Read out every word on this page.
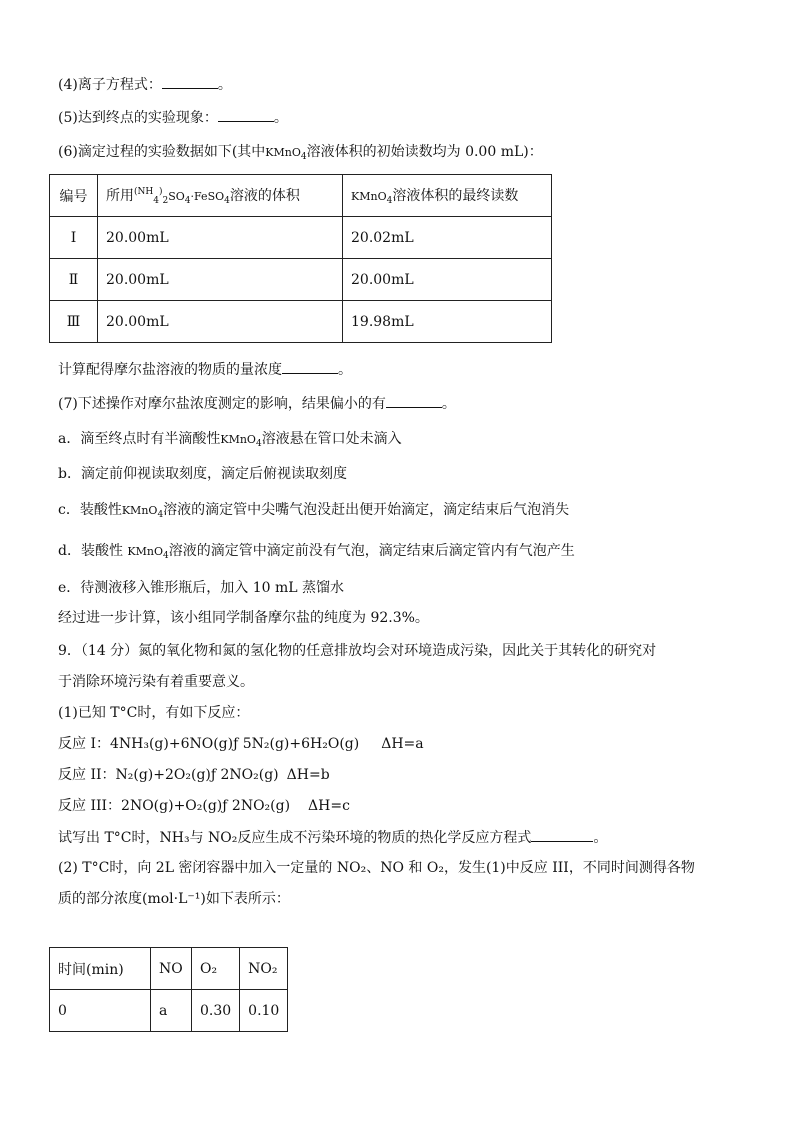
(4)离子方程式：	。
(5)达到终点的实验现象：	。
(6)滴定过程的实验数据如下(其中KMnO$_4$溶液体积的初始读数均为 0.00 mL)：
编号	所用$^{(NH}_4^)_2SO_4\cdot FeSO_4$溶液的体积	KMnO$_4$溶液体积的最终读数
Ⅰ	20.00mL	20.02mL
Ⅱ	20.00mL	20.00mL
Ⅲ	20.00mL	19.98mL
计算配得摩尔盐溶液的物质的量浓度	。
(7)下述操作对摩尔盐浓度测定的影响，结果偏小的有	。
a．滴至终点时有半滴酸性KMnO$_4$溶液悬在管口处未滴入
b．滴定前仰视读取刻度，滴定后俯视读取刻度
c．装酸性KMnO$_4$溶液的滴定管中尖嘴气泡没赶出便开始滴定，滴定结束后气泡消失
d．装酸性 KMnO$_4$溶液的滴定管中滴定前没有气泡，滴定结束后滴定管内有气泡产生
e．待测液移入锥形瓶后，加入 10 mL 蒸馏水
经过进一步计算，该小组同学制备摩尔盐的纯度为 92.3%。
9．（14 分）氮的氧化物和氮的氢化物的任意排放均会对环境造成污染，因此关于其转化的研究对
于消除环境污染有着重要意义。
(1)已知 T°C时，有如下反应：
反应 I：4NH₃(g)+6NO(g)ƒ 5N₂(g)+6H₂O(g) ΔH=a
反应 II：N₂(g)+2O₂(g)ƒ 2NO₂(g) ΔH=b
反应 III：2NO(g)+O₂(g)ƒ 2NO₂(g) ΔH=c
试写出 T°C时，NH₃与 NO₂反应生成不污染环境的物质的热化学反应方程式	。
(2) T°C时，向 2L 密闭容器中加入一定量的 NO₂、NO 和 O₂，发生(1)中反应 III，不同时间测得各物
质的部分浓度(mol·L⁻¹)如下表所示：
时间(min)	NO	O₂	NO₂
0	a	0.30	0.10
